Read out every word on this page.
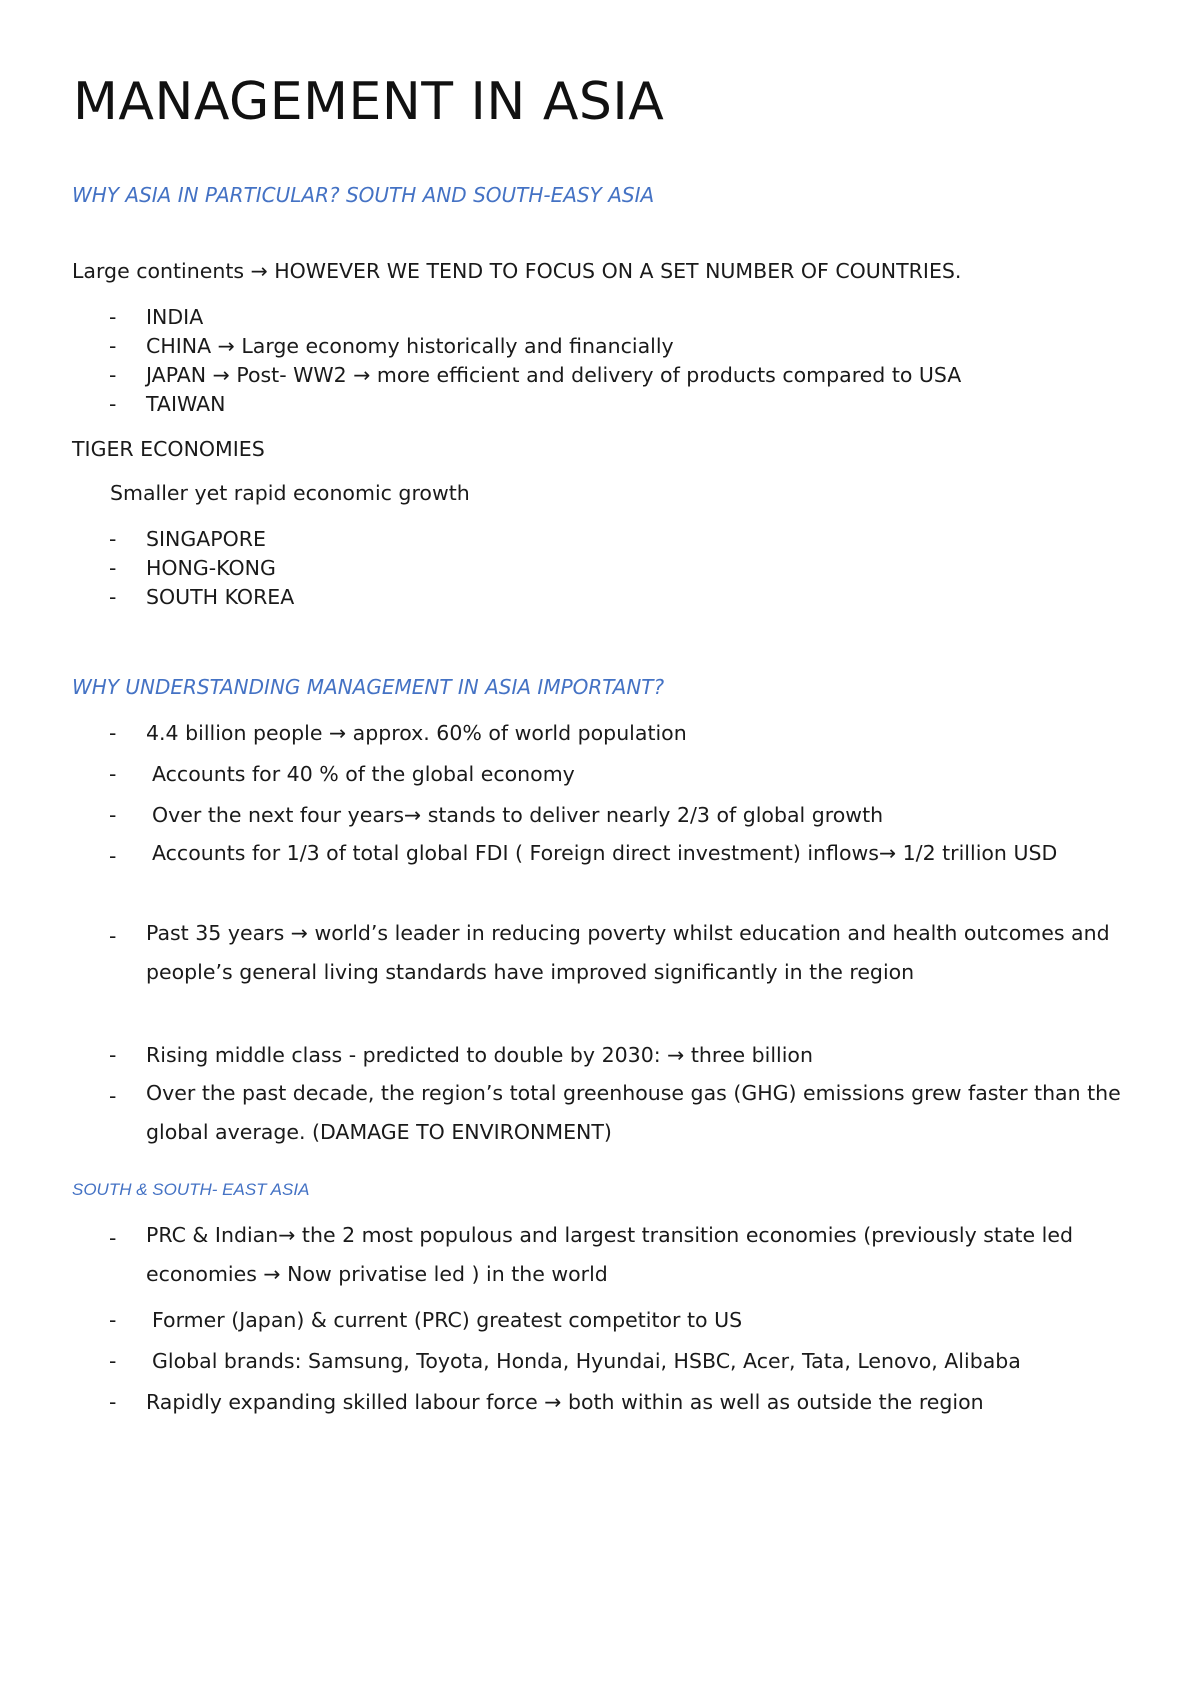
MANAGEMENT IN ASIA

WHY ASIA IN PARTICULAR? SOUTH AND SOUTH-EASY ASIA

Large continents → HOWEVER WE TEND TO FOCUS ON A SET NUMBER OF COUNTRIES.

- INDIA
- CHINA → Large economy historically and financially
- JAPAN → Post- WW2 → more efficient and delivery of products compared to USA
- TAIWAN

TIGER ECONOMIES

Smaller yet rapid economic growth

- SINGAPORE
- HONG-KONG
- SOUTH KOREA

WHY UNDERSTANDING MANAGEMENT IN ASIA IMPORTANT?

- 4.4 billion people → approx. 60% of world population
- Accounts for 40 % of the global economy
- Over the next four years→ stands to deliver nearly 2/3 of global growth
- Accounts for 1/3 of total global FDI ( Foreign direct investment) inflows→ 1/2 trillion USD
- Past 35 years → world’s leader in reducing poverty whilst education and health outcomes and people’s general living standards have improved significantly in the region
- Rising middle class - predicted to double by 2030: → three billion
- Over the past decade, the region’s total greenhouse gas (GHG) emissions grew faster than the global average. (DAMAGE TO ENVIRONMENT)

SOUTH & SOUTH- EAST ASIA

- PRC & Indian→ the 2 most populous and largest transition economies (previously state led economies → Now privatise led ) in the world
- Former (Japan) & current (PRC) greatest competitor to US
- Global brands: Samsung, Toyota, Honda, Hyundai, HSBC, Acer, Tata, Lenovo, Alibaba
- Rapidly expanding skilled labour force → both within as well as outside the region
